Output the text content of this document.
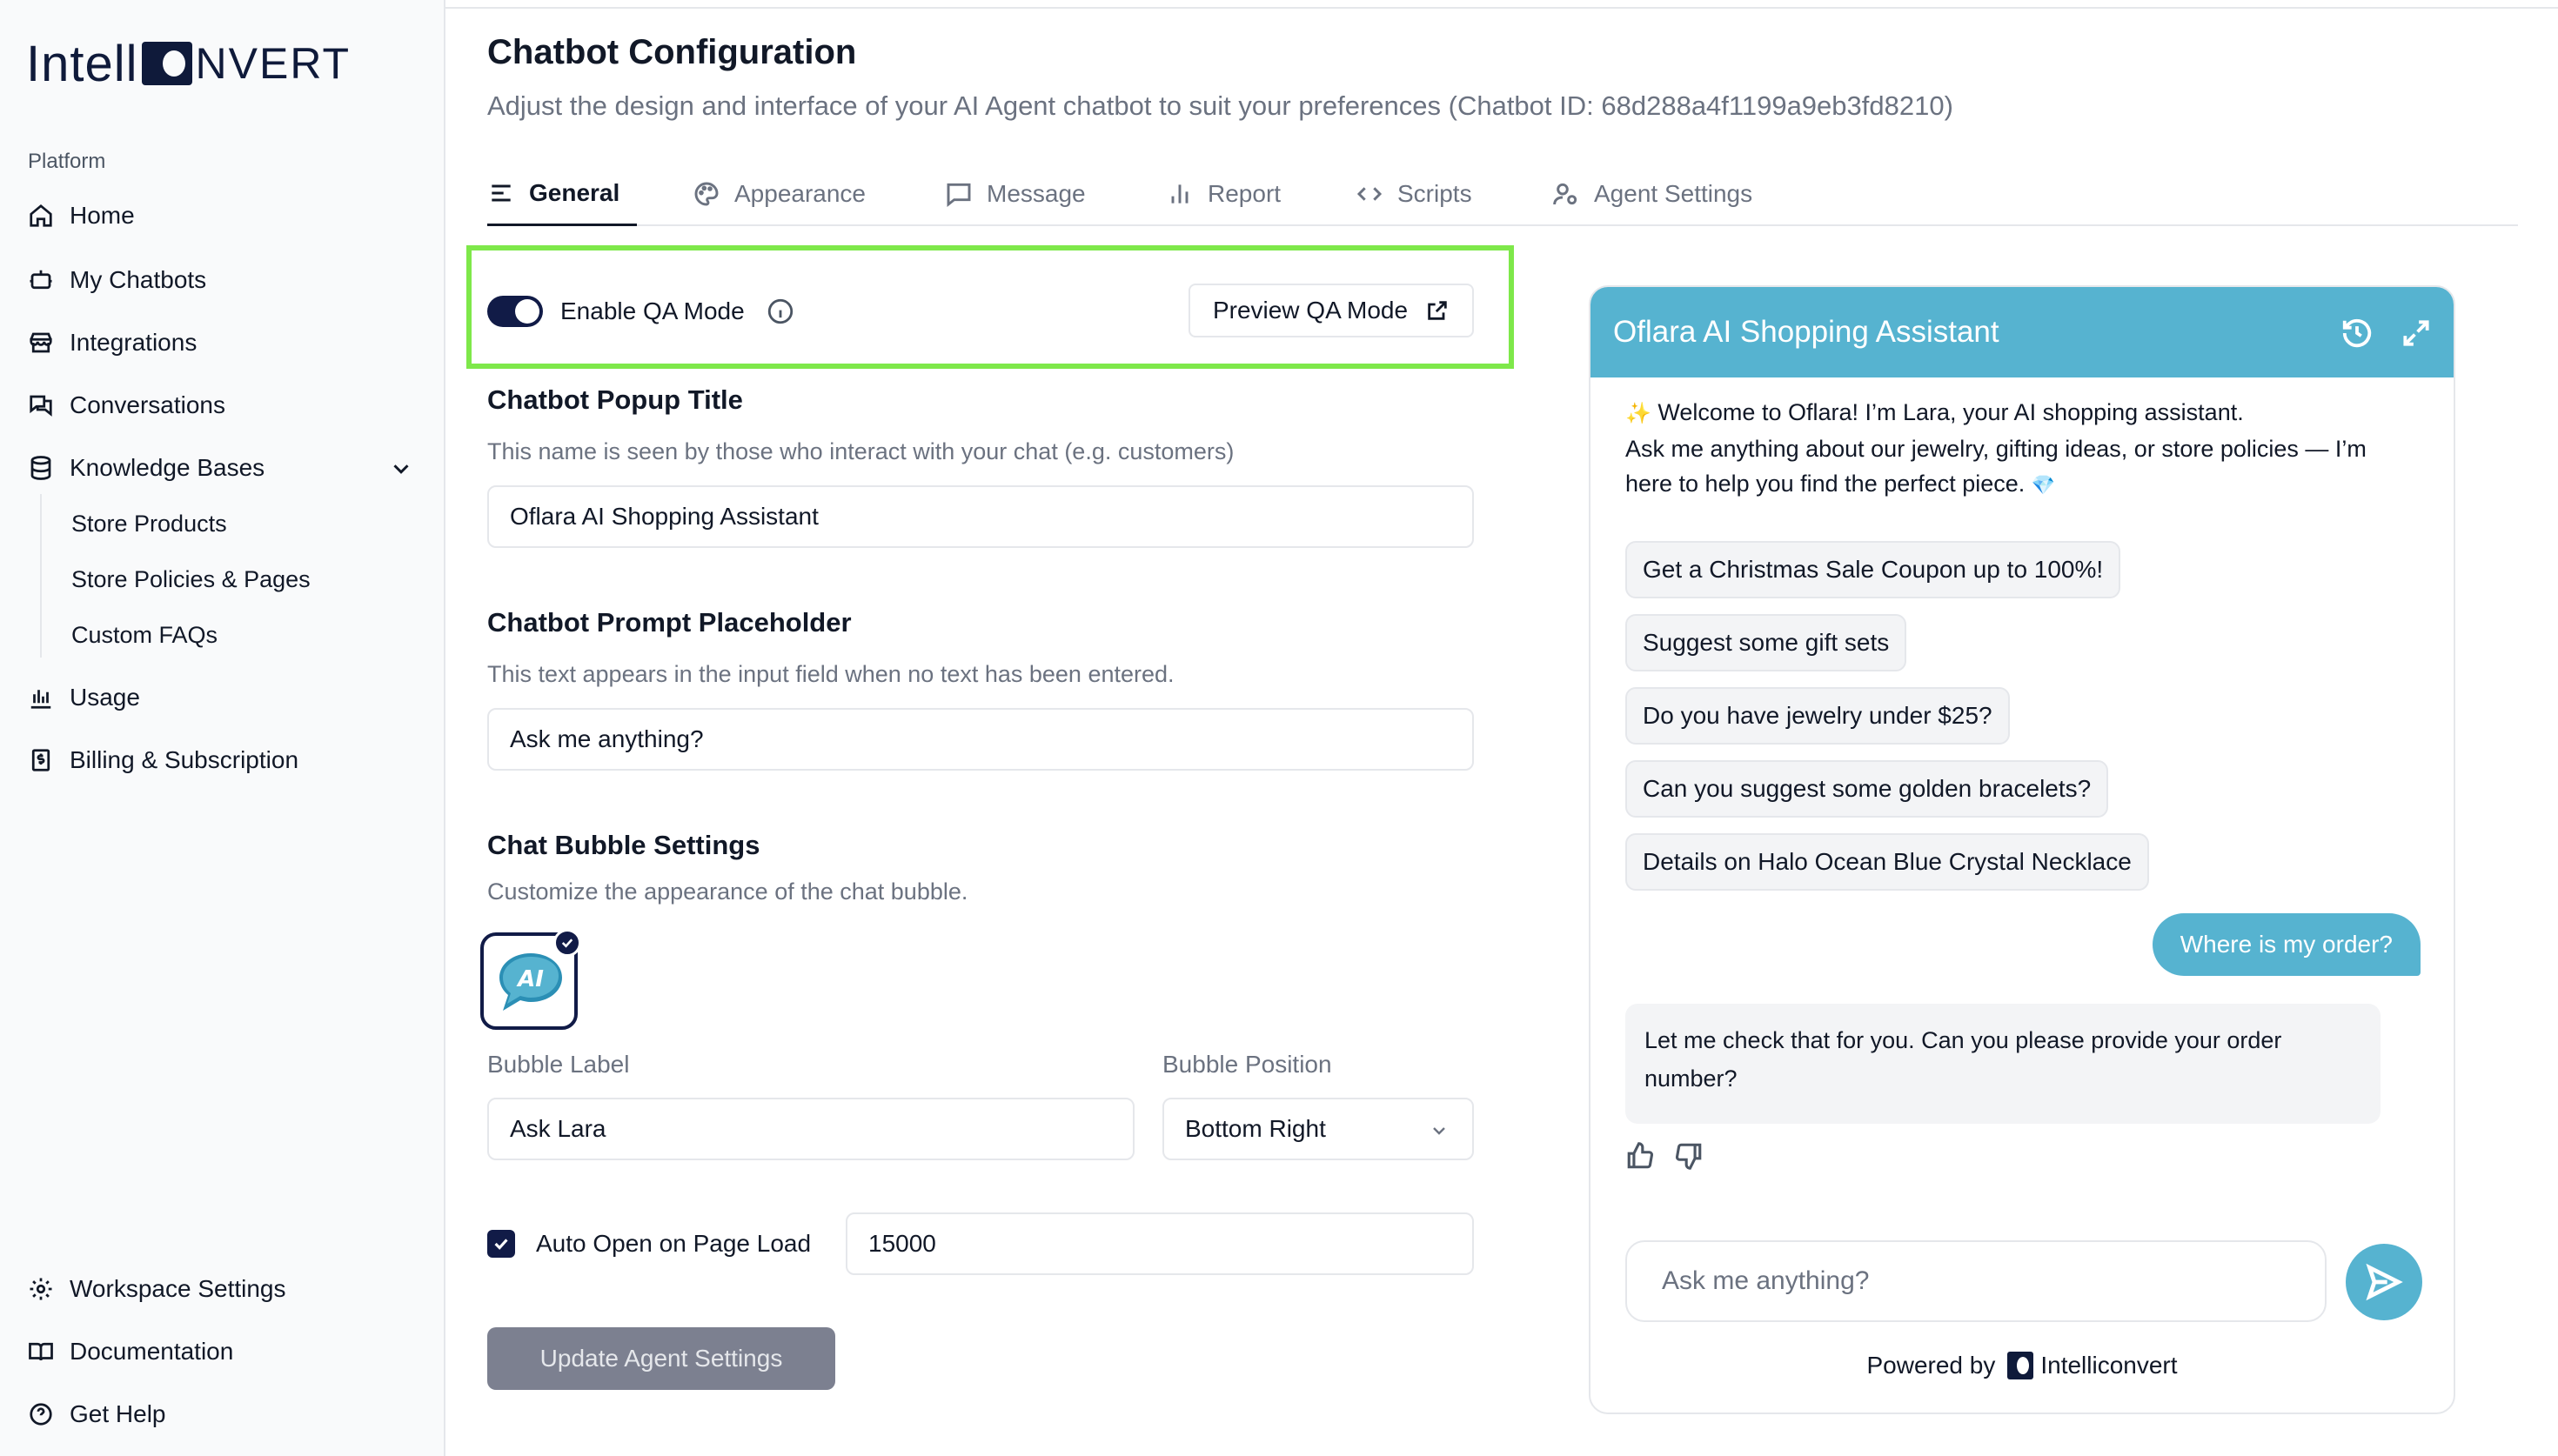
Intell NVERT
Platform
Home
My Chatbots
Integrations
Conversations
Knowledge Bases
Store Products
Store Policies & Pages
Custom FAQs
Usage
Billing & Subscription
Workspace Settings
Documentation
Get Help
Chatbot Configuration
Adjust the design and interface of your AI Agent chatbot to suit your preferences (Chatbot ID: 68d288a4f1199a9eb3fd8210)
General	Appearance	Message	Report	Scripts	Agent Settings
Enable QA Mode	Preview QA Mode
Chatbot Popup Title
This name is seen by those who interact with your chat (e.g. customers)
Oflara AI Shopping Assistant
Chatbot Prompt Placeholder
This text appears in the input field when no text has been entered.
Ask me anything?
Chat Bubble Settings
Customize the appearance of the chat bubble.
AI
Bubble Label	Bubble Position
Ask Lara
Bottom Right
Auto Open on Page Load
15000
Update Agent Settings
Oflara AI Shopping Assistant
✨ Welcome to Oflara! I’m Lara, your AI shopping assistant.
Ask me anything about our jewelry, gifting ideas, or store policies — I’m here to help you find the perfect piece. 💎
Get a Christmas Sale Coupon up to 100%!
Suggest some gift sets
Do you have jewelry under $25?
Can you suggest some golden bracelets?
Details on Halo Ocean Blue Crystal Necklace
Where is my order?
Let me check that for you. Can you please provide your order number?
Ask me anything?
Powered by Intelliconvert
